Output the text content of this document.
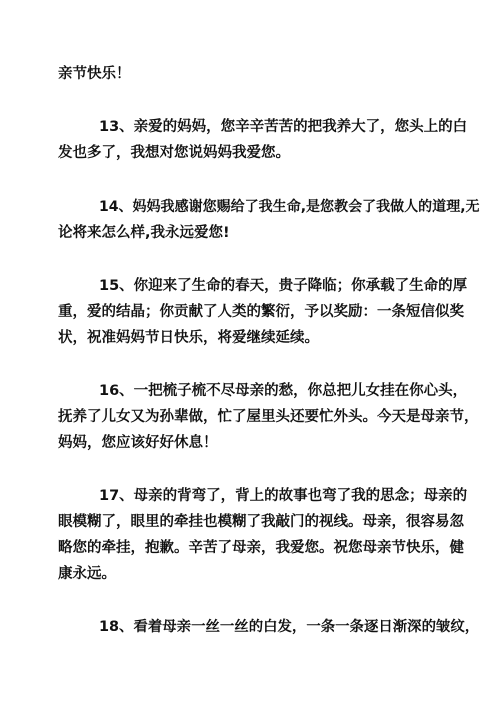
亲节快乐！
13、亲爱的妈妈，您辛辛苦苦的把我养大了，您头上的白
发也多了，我想对您说妈妈我爱您。
14、妈妈我感谢您赐给了我生命,是您教会了我做人的道理,无
论将来怎么样,我永远爱您!
15、你迎来了生命的春天，贵子降临；你承载了生命的厚
重，爱的结晶；你贡献了人类的繁衍，予以奖励：一条短信似奖
状，祝准妈妈节日快乐，将爱继续延续。
16、一把梳子梳不尽母亲的愁，你总把儿女挂在你心头，
抚养了儿女又为孙辈做，忙了屋里头还要忙外头。今天是母亲节，
妈妈，您应该好好休息！
17、母亲的背弯了，背上的故事也弯了我的思念；母亲的
眼模糊了，眼里的牵挂也模糊了我敲门的视线。母亲，很容易忽
略您的牵挂，抱歉。辛苦了母亲，我爱您。祝您母亲节快乐，健
康永远。
18、看着母亲一丝一丝的白发，一条一条逐日渐深的皱纹，
